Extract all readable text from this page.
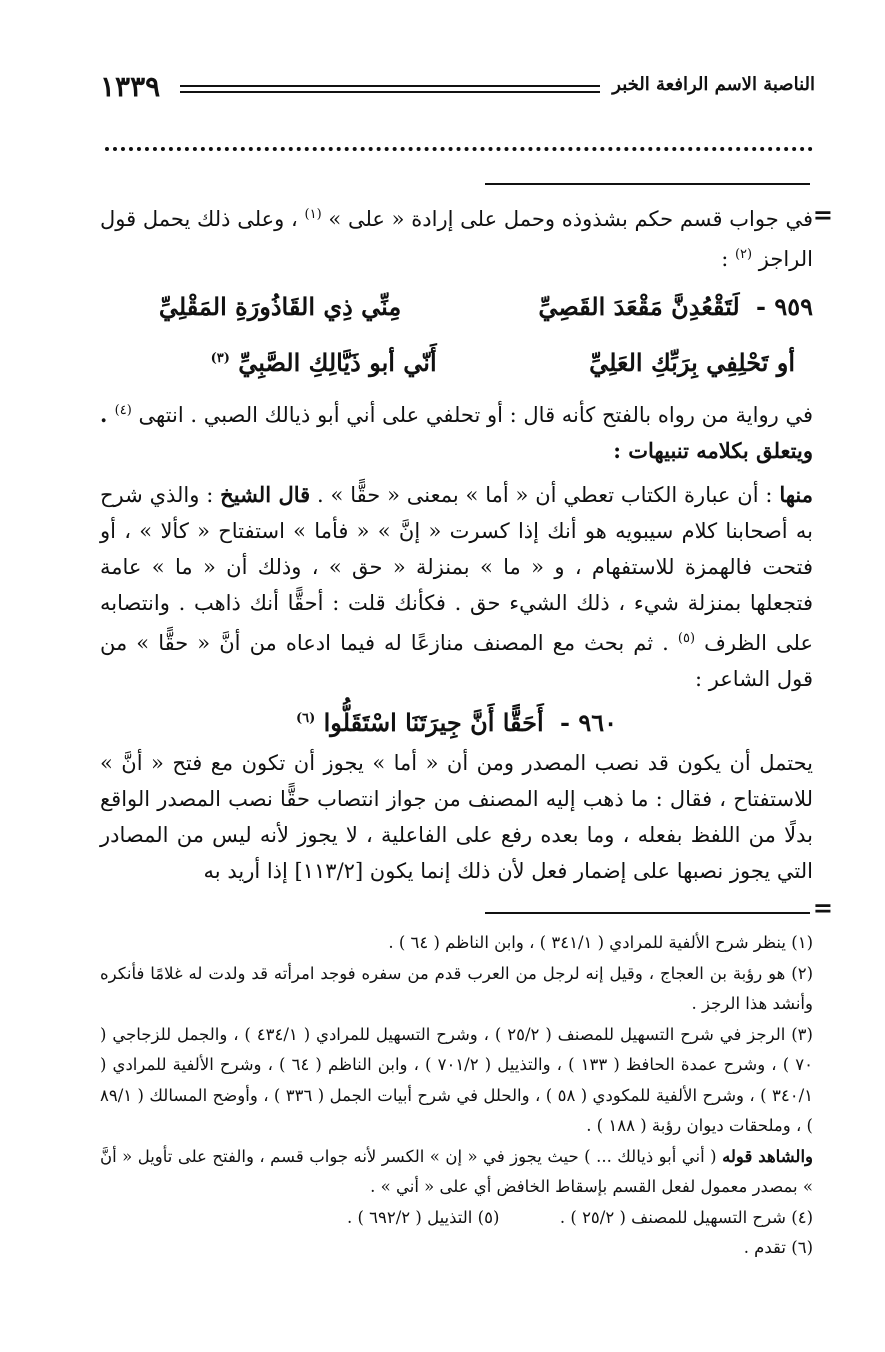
١٣٣٩	الناصبة الاسم الرافعة الخبر
=
=

في جواب قسم حكم بشذوذه وحمل على إرادة « على » $^{(١)}$ ، وعلى ذلك يحمل قول الراجز $^{(٢)}$ :

٩٥٩ - لَتَقْعُدِنَّ مَقْعَدَ القَصِيِّ مِنِّي ذِي القَاذُورَةِ المَقْلِيِّ

أو تَحْلِفِي بِرَبِّكِ العَلِيِّ أَنّي أبو ذَيَّالِكِ الصَّبِيِّ $^{(٣)}$

في رواية من رواه بالفتح كأنه قال : أو تحلفي على أني أبو ذيالك الصبي . انتهى $^{(٤)}$ . ويتعلق بكلامه تنبيهات :

منها : أن عبارة الكتاب تعطي أن « أما » بمعنى « حقًّا » . قال الشيخ : والذي شرح به أصحابنا كلام سيبويه هو أنك إذا كسرت « إنَّ » « فأما » استفتاح « كألا » ، أو فتحت فالهمزة للاستفهام ، و « ما » بمنزلة « حق » ، وذلك أن « ما » عامة فتجعلها بمنزلة شيء ، ذلك الشيء حق . فكأنك قلت : أحقًّا أنك ذاهب . وانتصابه على الظرف $^{(٥)}$ . ثم بحث مع المصنف منازعًا له فيما ادعاه من أنَّ « حقًّا » من قول الشاعر :

٩٦٠ - أَحَقًّا أَنَّ جِيرَتَنَا اسْتَقَلُّوا $^{(٦)}$

يحتمل أن يكون قد نصب المصدر ومن أن « أما » يجوز أن تكون مع فتح « أنَّ » للاستفتاح ، فقال : ما ذهب إليه المصنف من جواز انتصاب حقًّا نصب المصدر الواقع بدلًا من اللفظ بفعله ، وما بعده رفع على الفاعلية ، لا يجوز لأنه ليس من المصادر التي يجوز نصبها على إضمار فعل لأن ذلك إنما يكون [١١٣/٢] إذا أريد به

(١) ينظر شرح الألفية للمرادي ( ٣٤١/١ ) ، وابن الناظم ( ٦٤ ) .

(٢) هو رؤبة بن العجاج ، وقيل إنه لرجل من العرب قدم من سفره فوجد امرأته قد ولدت له غلامًا فأنكره وأنشد هذا الرجز .

(٣) الرجز في شرح التسهيل للمصنف ( ٢٥/٢ ) ، وشرح التسهيل للمرادي ( ٤٣٤/١ ) ، والجمل للزجاجي ( ٧٠ ) ، وشرح عمدة الحافظ ( ١٣٣ ) ، والتذييل ( ٧٠١/٢ ) ، وابن الناظم ( ٦٤ ) ، وشرح الألفية للمرادي ( ٣٤٠/١ ) ، وشرح الألفية للمكودي ( ٥٨ ) ، والحلل في شرح أبيات الجمل ( ٣٣٦ ) ، وأوضح المسالك ( ٨٩/١ ) ، وملحقات ديوان رؤبة ( ١٨٨ ) .

والشاهد قوله ( أني أبو ذيالك ... ) حيث يجوز في « إن » الكسر لأنه جواب قسم ، والفتح على تأويل « أنَّ » بمصدر معمول لفعل القسم بإسقاط الخافض أي على « أني » .

(٤) شرح التسهيل للمصنف ( ٢٥/٢ ) .  (٥) التذييل ( ٦٩٢/٢ ) .

(٦) تقدم .
